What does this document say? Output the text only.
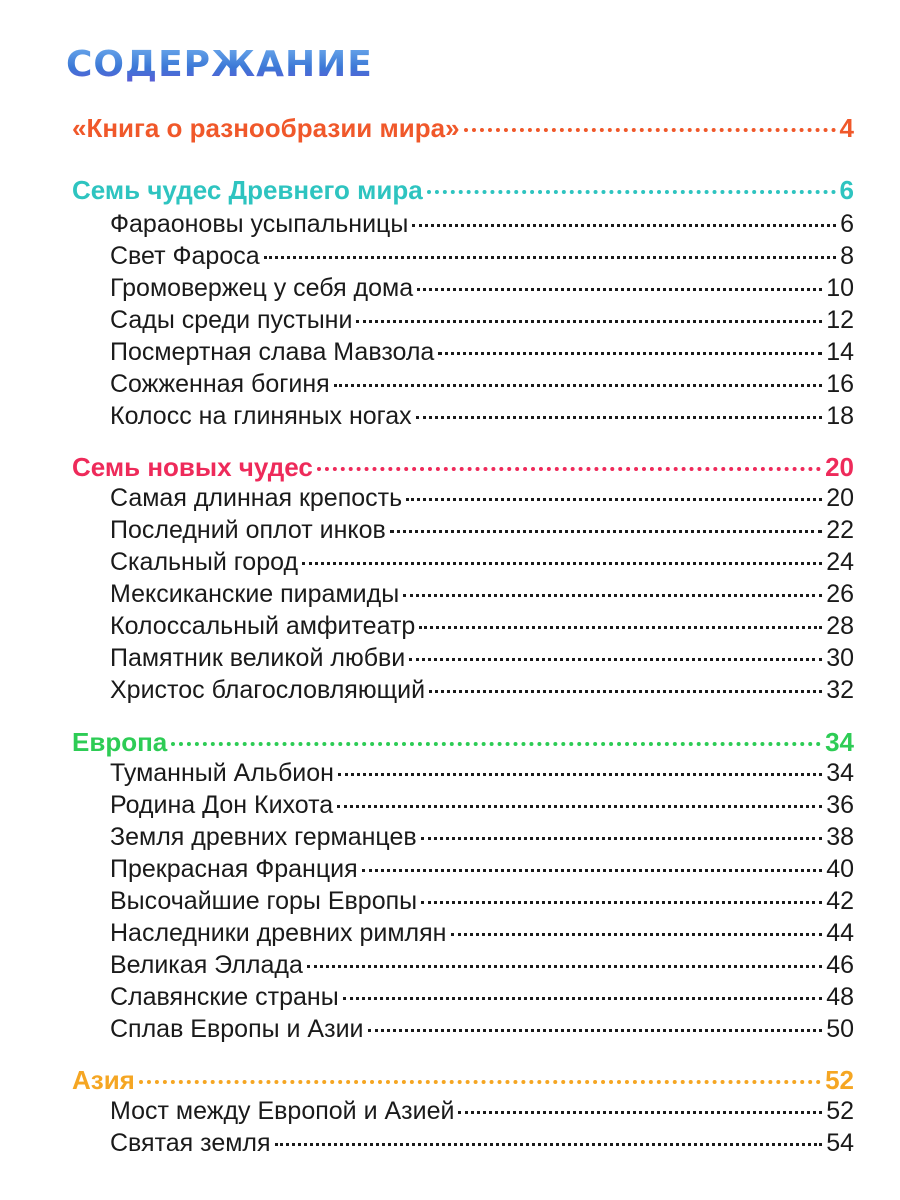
СОДЕРЖАНИЕ
«Книга о разнообразии мира»	4
Семь чудес Древнего мира	6
Фараоновы усыпальницы	6
Свет Фароса	8
Громовержец у себя дома	10
Сады среди пустыни	12
Посмертная слава Мавзола	14
Сожженная богиня	16
Колосс на глиняных ногах	18
Семь новых чудес	20
Самая длинная крепость	20
Последний оплот инков	22
Скальный город	24
Мексиканские пирамиды	26
Колоссальный амфитеатр	28
Памятник великой любви	30
Христос благословляющий	32
Европа	34
Туманный Альбион	34
Родина Дон Кихота	36
Земля древних германцев	38
Прекрасная Франция	40
Высочайшие горы Европы	42
Наследники древних римлян	44
Великая Эллада	46
Славянские страны	48
Сплав Европы и Азии	50
Азия	52
Мост между Европой и Азией	52
Святая земля	54
